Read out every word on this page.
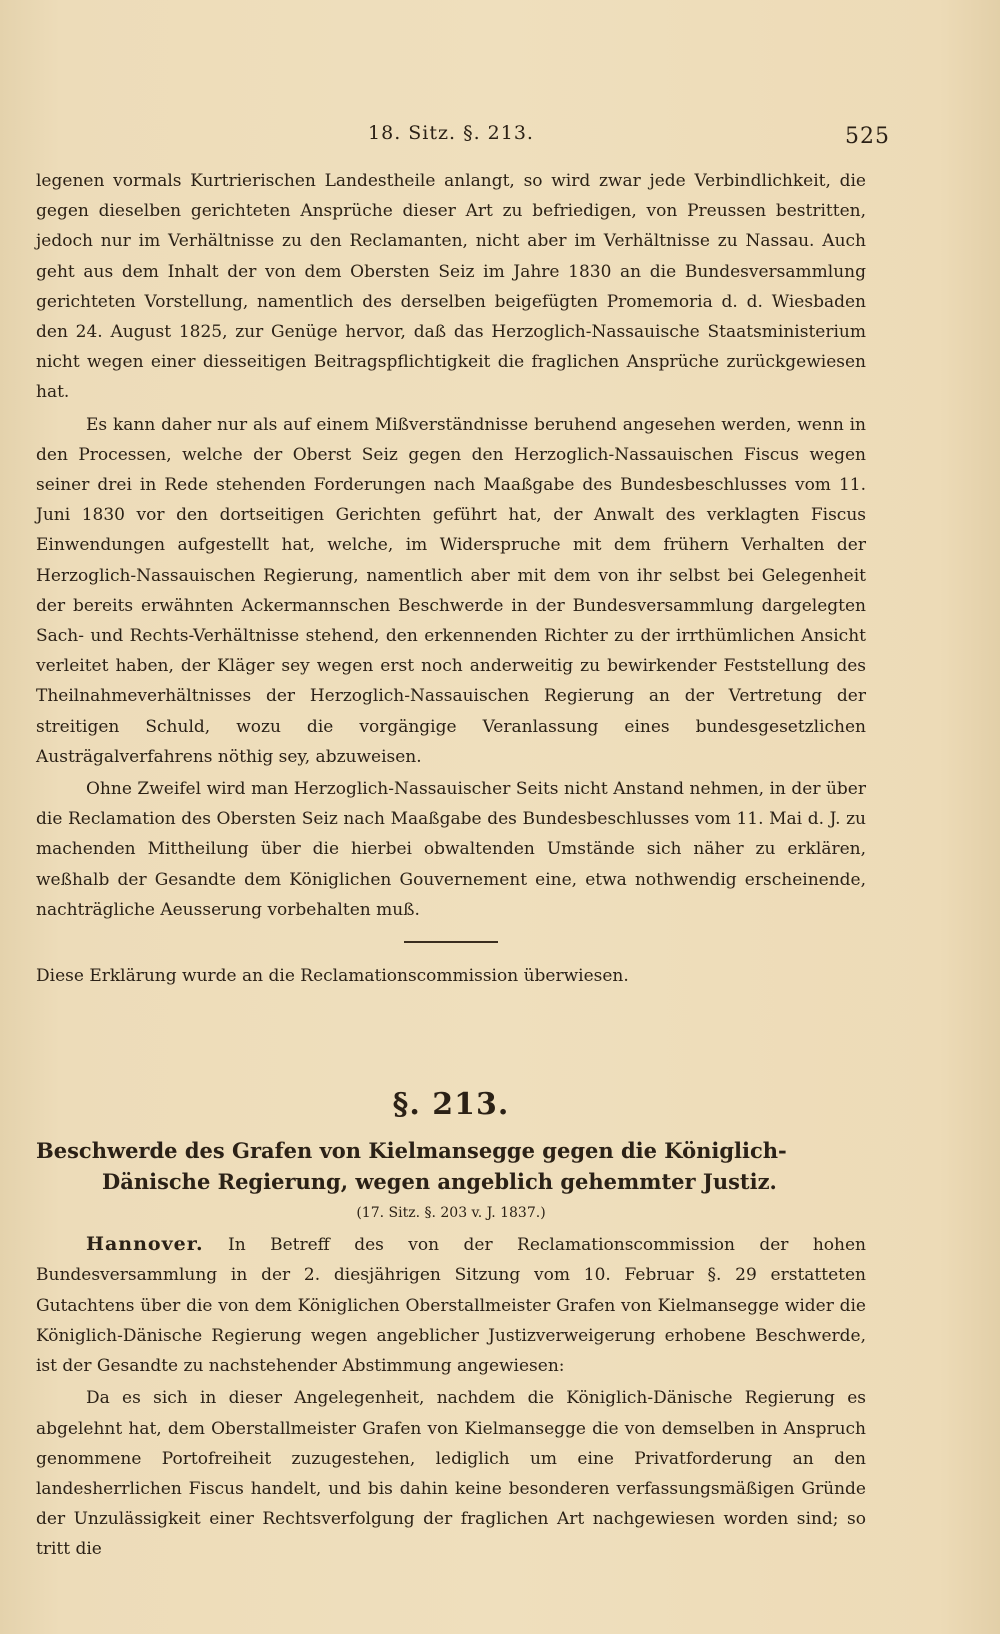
18. Sitz. §. 213.	525

legenen vormals Kurtrierischen Landestheile anlangt, so wird zwar jede Verbindlichkeit, die gegen dieselben gerichteten Ansprüche dieser Art zu befriedigen, von Preussen bestritten, jedoch nur im Verhältnisse zu den Reclamanten, nicht aber im Verhältnisse zu Nassau. Auch geht aus dem Inhalt der von dem Obersten Seiz im Jahre 1830 an die Bundesversammlung gerichteten Vorstellung, namentlich des derselben beigefügten Promemoria d. d. Wiesbaden den 24. August 1825, zur Genüge hervor, daß das Herzoglich-Nassauische Staatsministerium nicht wegen einer diesseitigen Beitragspflichtigkeit die fraglichen Ansprüche zurückgewiesen hat.

Es kann daher nur als auf einem Mißverständnisse beruhend angesehen werden, wenn in den Processen, welche der Oberst Seiz gegen den Herzoglich-Nassauischen Fiscus wegen seiner drei in Rede stehenden Forderungen nach Maaßgabe des Bundesbeschlusses vom 11. Juni 1830 vor den dortseitigen Gerichten geführt hat, der Anwalt des verklagten Fiscus Einwendungen aufgestellt hat, welche, im Widerspruche mit dem frühern Verhalten der Herzoglich-Nassauischen Regierung, namentlich aber mit dem von ihr selbst bei Gelegenheit der bereits erwähnten Ackermannschen Beschwerde in der Bundesversammlung dargelegten Sach- und Rechts-Verhältnisse stehend, den erkennenden Richter zu der irrthümlichen Ansicht verleitet haben, der Kläger sey wegen erst noch anderweitig zu bewirkender Feststellung des Theilnahmeverhältnisses der Herzoglich-Nassauischen Regierung an der Vertretung der streitigen Schuld, wozu die vorgängige Veranlassung eines bundesgesetzlichen Austrägalverfahrens nöthig sey, abzuweisen.

Ohne Zweifel wird man Herzoglich-Nassauischer Seits nicht Anstand nehmen, in der über die Reclamation des Obersten Seiz nach Maaßgabe des Bundesbeschlusses vom 11. Mai d. J. zu machenden Mittheilung über die hierbei obwaltenden Umstände sich näher zu erklären, weßhalb der Gesandte dem Königlichen Gouvernement eine, etwa nothwendig erscheinende, nachträgliche Aeusserung vorbehalten muß.

Diese Erklärung wurde an die Reclamationscommission überwiesen.

§. 213.
Beschwerde des Grafen von Kielmansegge gegen die Königlich-Dänische Regierung, wegen angeblich gehemmter Justiz.
(17. Sitz. §. 203 v. J. 1837.)

Hannover. In Betreff des von der Reclamationscommission der hohen Bundesversammlung in der 2. diesjährigen Sitzung vom 10. Februar §. 29 erstatteten Gutachtens über die von dem Königlichen Oberstallmeister Grafen von Kielmansegge wider die Königlich-Dänische Regierung wegen angeblicher Justizverweigerung erhobene Beschwerde, ist der Gesandte zu nachstehender Abstimmung angewiesen:

Da es sich in dieser Angelegenheit, nachdem die Königlich-Dänische Regierung es abgelehnt hat, dem Oberstallmeister Grafen von Kielmansegge die von demselben in Anspruch genommene Portofreiheit zuzugestehen, lediglich um eine Privatforderung an den landesherrlichen Fiscus handelt, und bis dahin keine besonderen verfassungsmäßigen Gründe der Unzulässigkeit einer Rechtsverfolgung der fraglichen Art nachgewiesen worden sind; so tritt die
